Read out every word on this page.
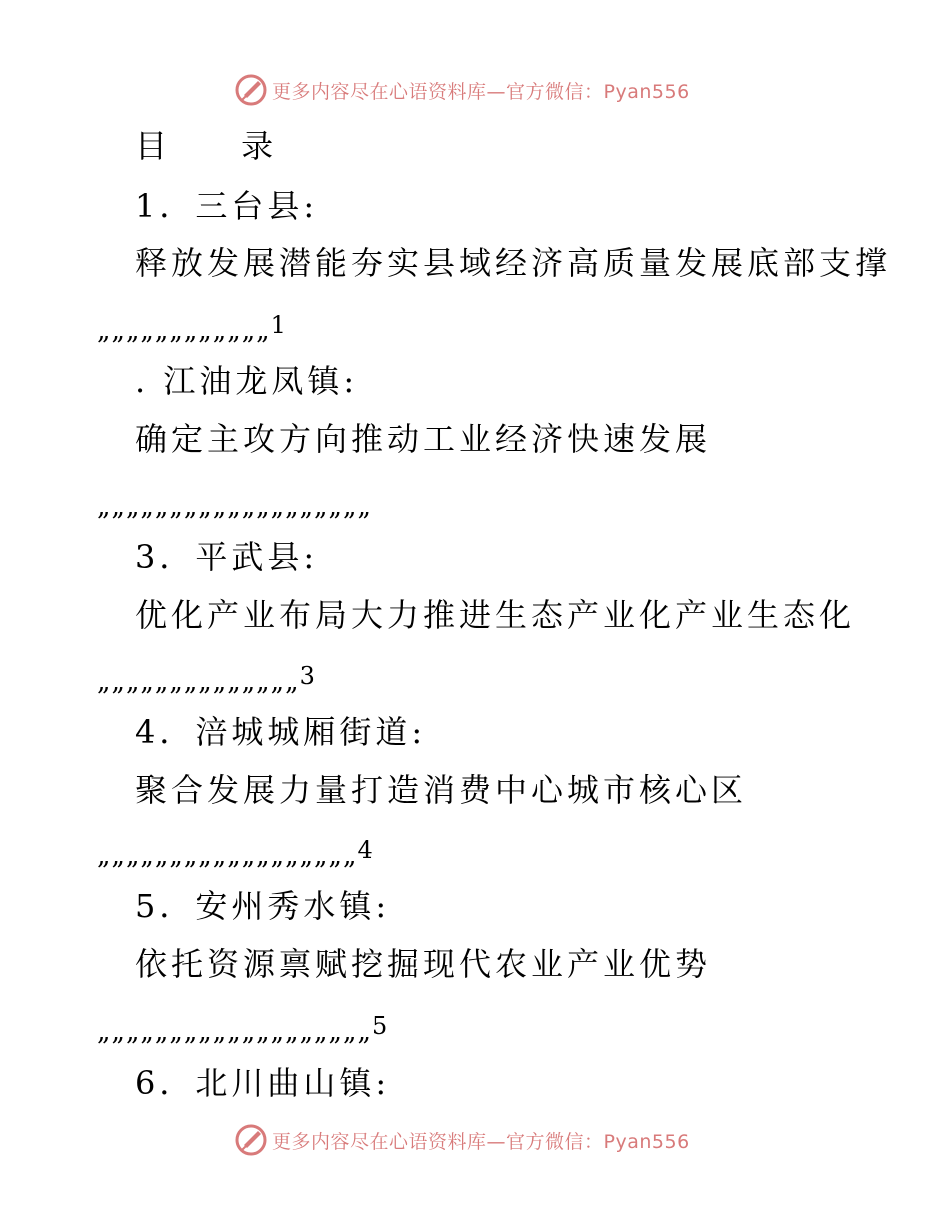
更多内容尽在心语资料库—官方微信：Pyan556
目 录
1．三台县:
释放发展潜能夯实县域经济高质量发展底部支撑
„„„„„„„„„„„„1
. 江油龙凤镇:
确定主攻方向推动工业经济快速发展
„„„„„„„„„„„„„„„„„„„
3．平武县:
优化产业布局大力推进生态产业化产业生态化
„„„„„„„„„„„„„„3
4．涪城城厢街道:
聚合发展力量打造消费中心城市核心区
„„„„„„„„„„„„„„„„„„4
5．安州秀水镇:
依托资源禀赋挖掘现代农业产业优势
„„„„„„„„„„„„„„„„„„„5
6．北川曲山镇:
更多内容尽在心语资料库—官方微信：Pyan556
